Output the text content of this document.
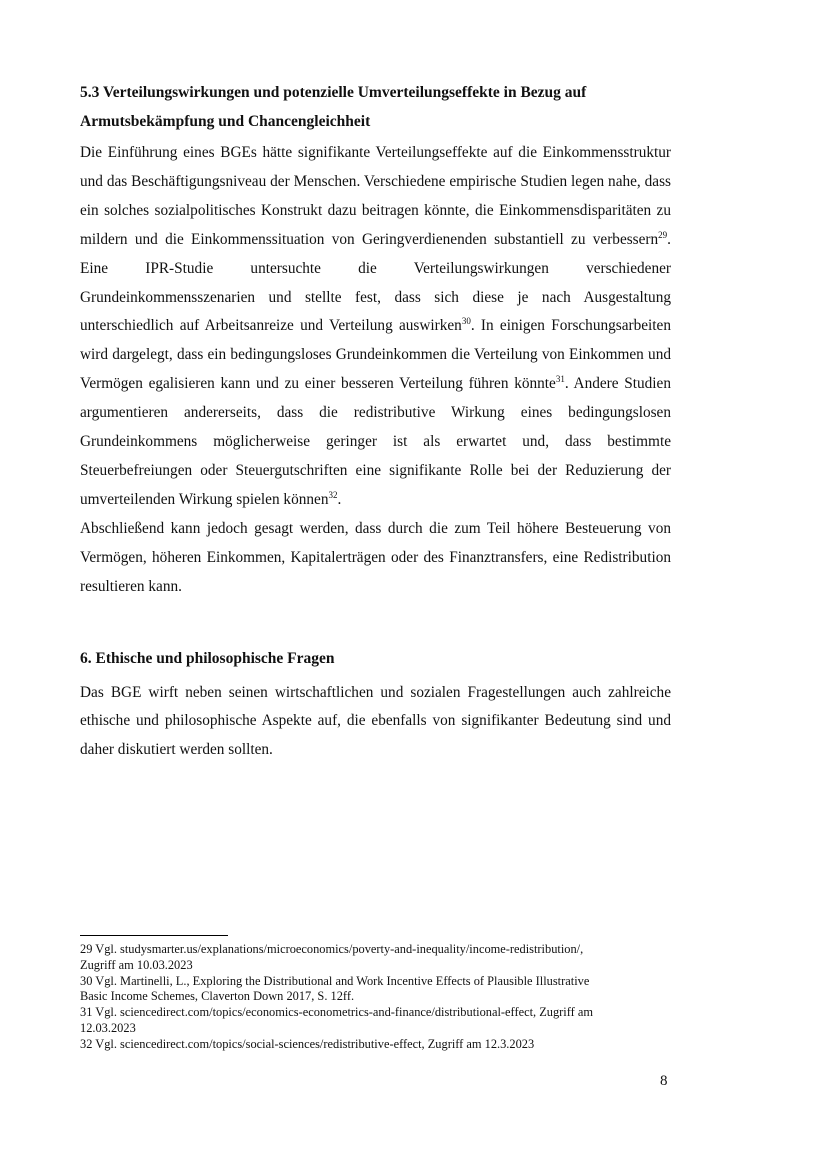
5.3 Verteilungswirkungen und potenzielle Umverteilungseffekte in Bezug auf Armutsbekämpfung und Chancengleichheit

Die Einführung eines BGEs hätte signifikante Verteilungseffekte auf die Einkommensstruktur und das Beschäftigungsniveau der Menschen. Verschiedene empirische Studien legen nahe, dass ein solches sozialpolitisches Konstrukt dazu beitragen könnte, die Einkommensdisparitäten zu mildern und die Einkommenssituation von Geringverdienenden substantiell zu verbessern$^{29}$. Eine IPR-Studie untersuchte die Verteilungswirkungen verschiedener Grundeinkommensszenarien und stellte fest, dass sich diese je nach Ausgestaltung unterschiedlich auf Arbeitsanreize und Verteilung auswirken$^{30}$. In einigen Forschungsarbeiten wird dargelegt, dass ein bedingungsloses Grundeinkommen die Verteilung von Einkommen und Vermögen egalisieren kann und zu einer besseren Verteilung führen könnte$^{31}$. Andere Studien argumentieren andererseits, dass die redistributive Wirkung eines bedingungslosen Grundeinkommens möglicherweise geringer ist als erwartet und, dass bestimmte Steuerbefreiungen oder Steuergutschriften eine signifikante Rolle bei der Reduzierung der umverteilenden Wirkung spielen können$^{32}$.

Abschließend kann jedoch gesagt werden, dass durch die zum Teil höhere Besteuerung von Vermögen, höheren Einkommen, Kapitalerträgen oder des Finanztransfers, eine Redistribution resultieren kann.

6. Ethische und philosophische Fragen

Das BGE wirft neben seinen wirtschaftlichen und sozialen Fragestellungen auch zahlreiche ethische und philosophische Aspekte auf, die ebenfalls von signifikanter Bedeutung sind und daher diskutiert werden sollten.

29 Vgl. studysmarter.us/explanations/microeconomics/poverty-and-inequality/income-redistribution/,
Zugriff am 10.03.2023

30 Vgl. Martinelli, L., Exploring the Distributional and Work Incentive Effects of Plausible Illustrative
Basic Income Schemes, Claverton Down 2017, S. 12ff.

31 Vgl. sciencedirect.com/topics/economics-econometrics-and-finance/distributional-effect, Zugriff am
12.03.2023

32 Vgl. sciencedirect.com/topics/social-sciences/redistributive-effect, Zugriff am 12.3.2023

8
